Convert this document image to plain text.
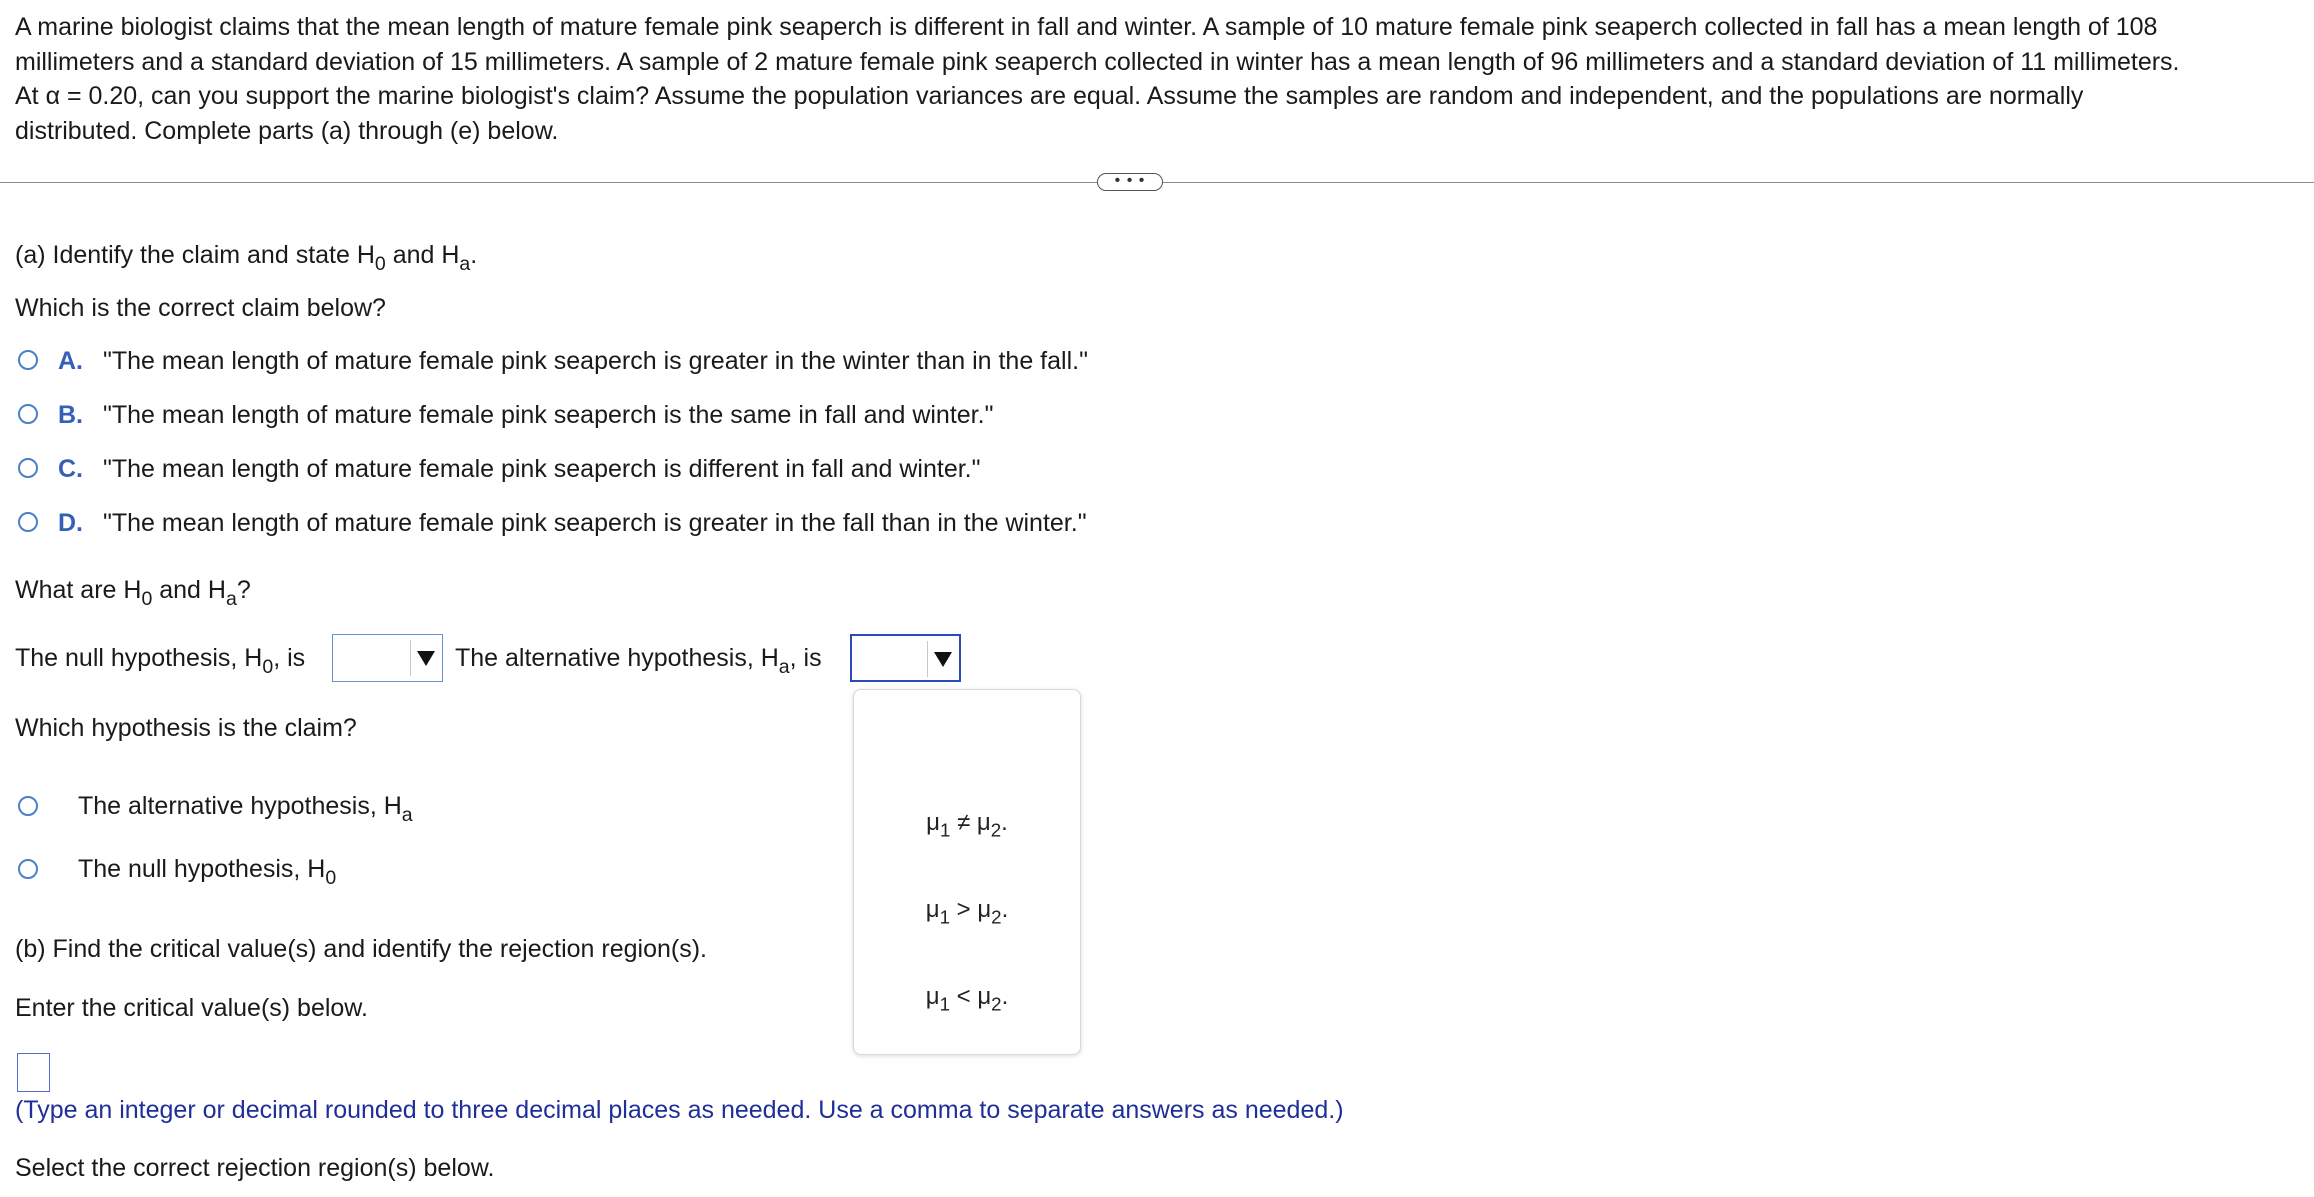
A marine biologist claims that the mean length of mature female pink seaperch is different in fall and winter. A sample of 10 mature female pink seaperch collected in fall has a mean length of 108

millimeters and a standard deviation of 15 millimeters. A sample of 2 mature female pink seaperch collected in winter has a mean length of 96 millimeters and a standard deviation of 11 millimeters.

At α = 0.20, can you support the marine biologist's claim? Assume the population variances are equal. Assume the samples are random and independent, and the populations are normally

distributed. Complete parts (a) through (e) below.

• • •
(a) Identify the claim and state $H_0$ and $H_a$.
Which is the correct claim below?
A. "The mean length of mature female pink seaperch is greater in the winter than in the fall."
B. "The mean length of mature female pink seaperch is the same in fall and winter."
C. "The mean length of mature female pink seaperch is different in fall and winter."
D. "The mean length of mature female pink seaperch is greater in the fall than in the winter."
What are $H_0$ and $H_a$?
The null hypothesis, $H_0$, is	The alternative hypothesis, $H_a$, is
Which hypothesis is the claim?
The alternative hypothesis, $H_a$
The null hypothesis, $H_0$
(b) Find the critical value(s) and identify the rejection region(s).
Enter the critical value(s) below.
(Type an integer or decimal rounded to three decimal places as needed. Use a comma to separate answers as needed.)
Select the correct rejection region(s) below.
$\mu_1 \ne \mu_2$.
$\mu_1 > \mu_2$.
$\mu_1 < \mu_2$.
